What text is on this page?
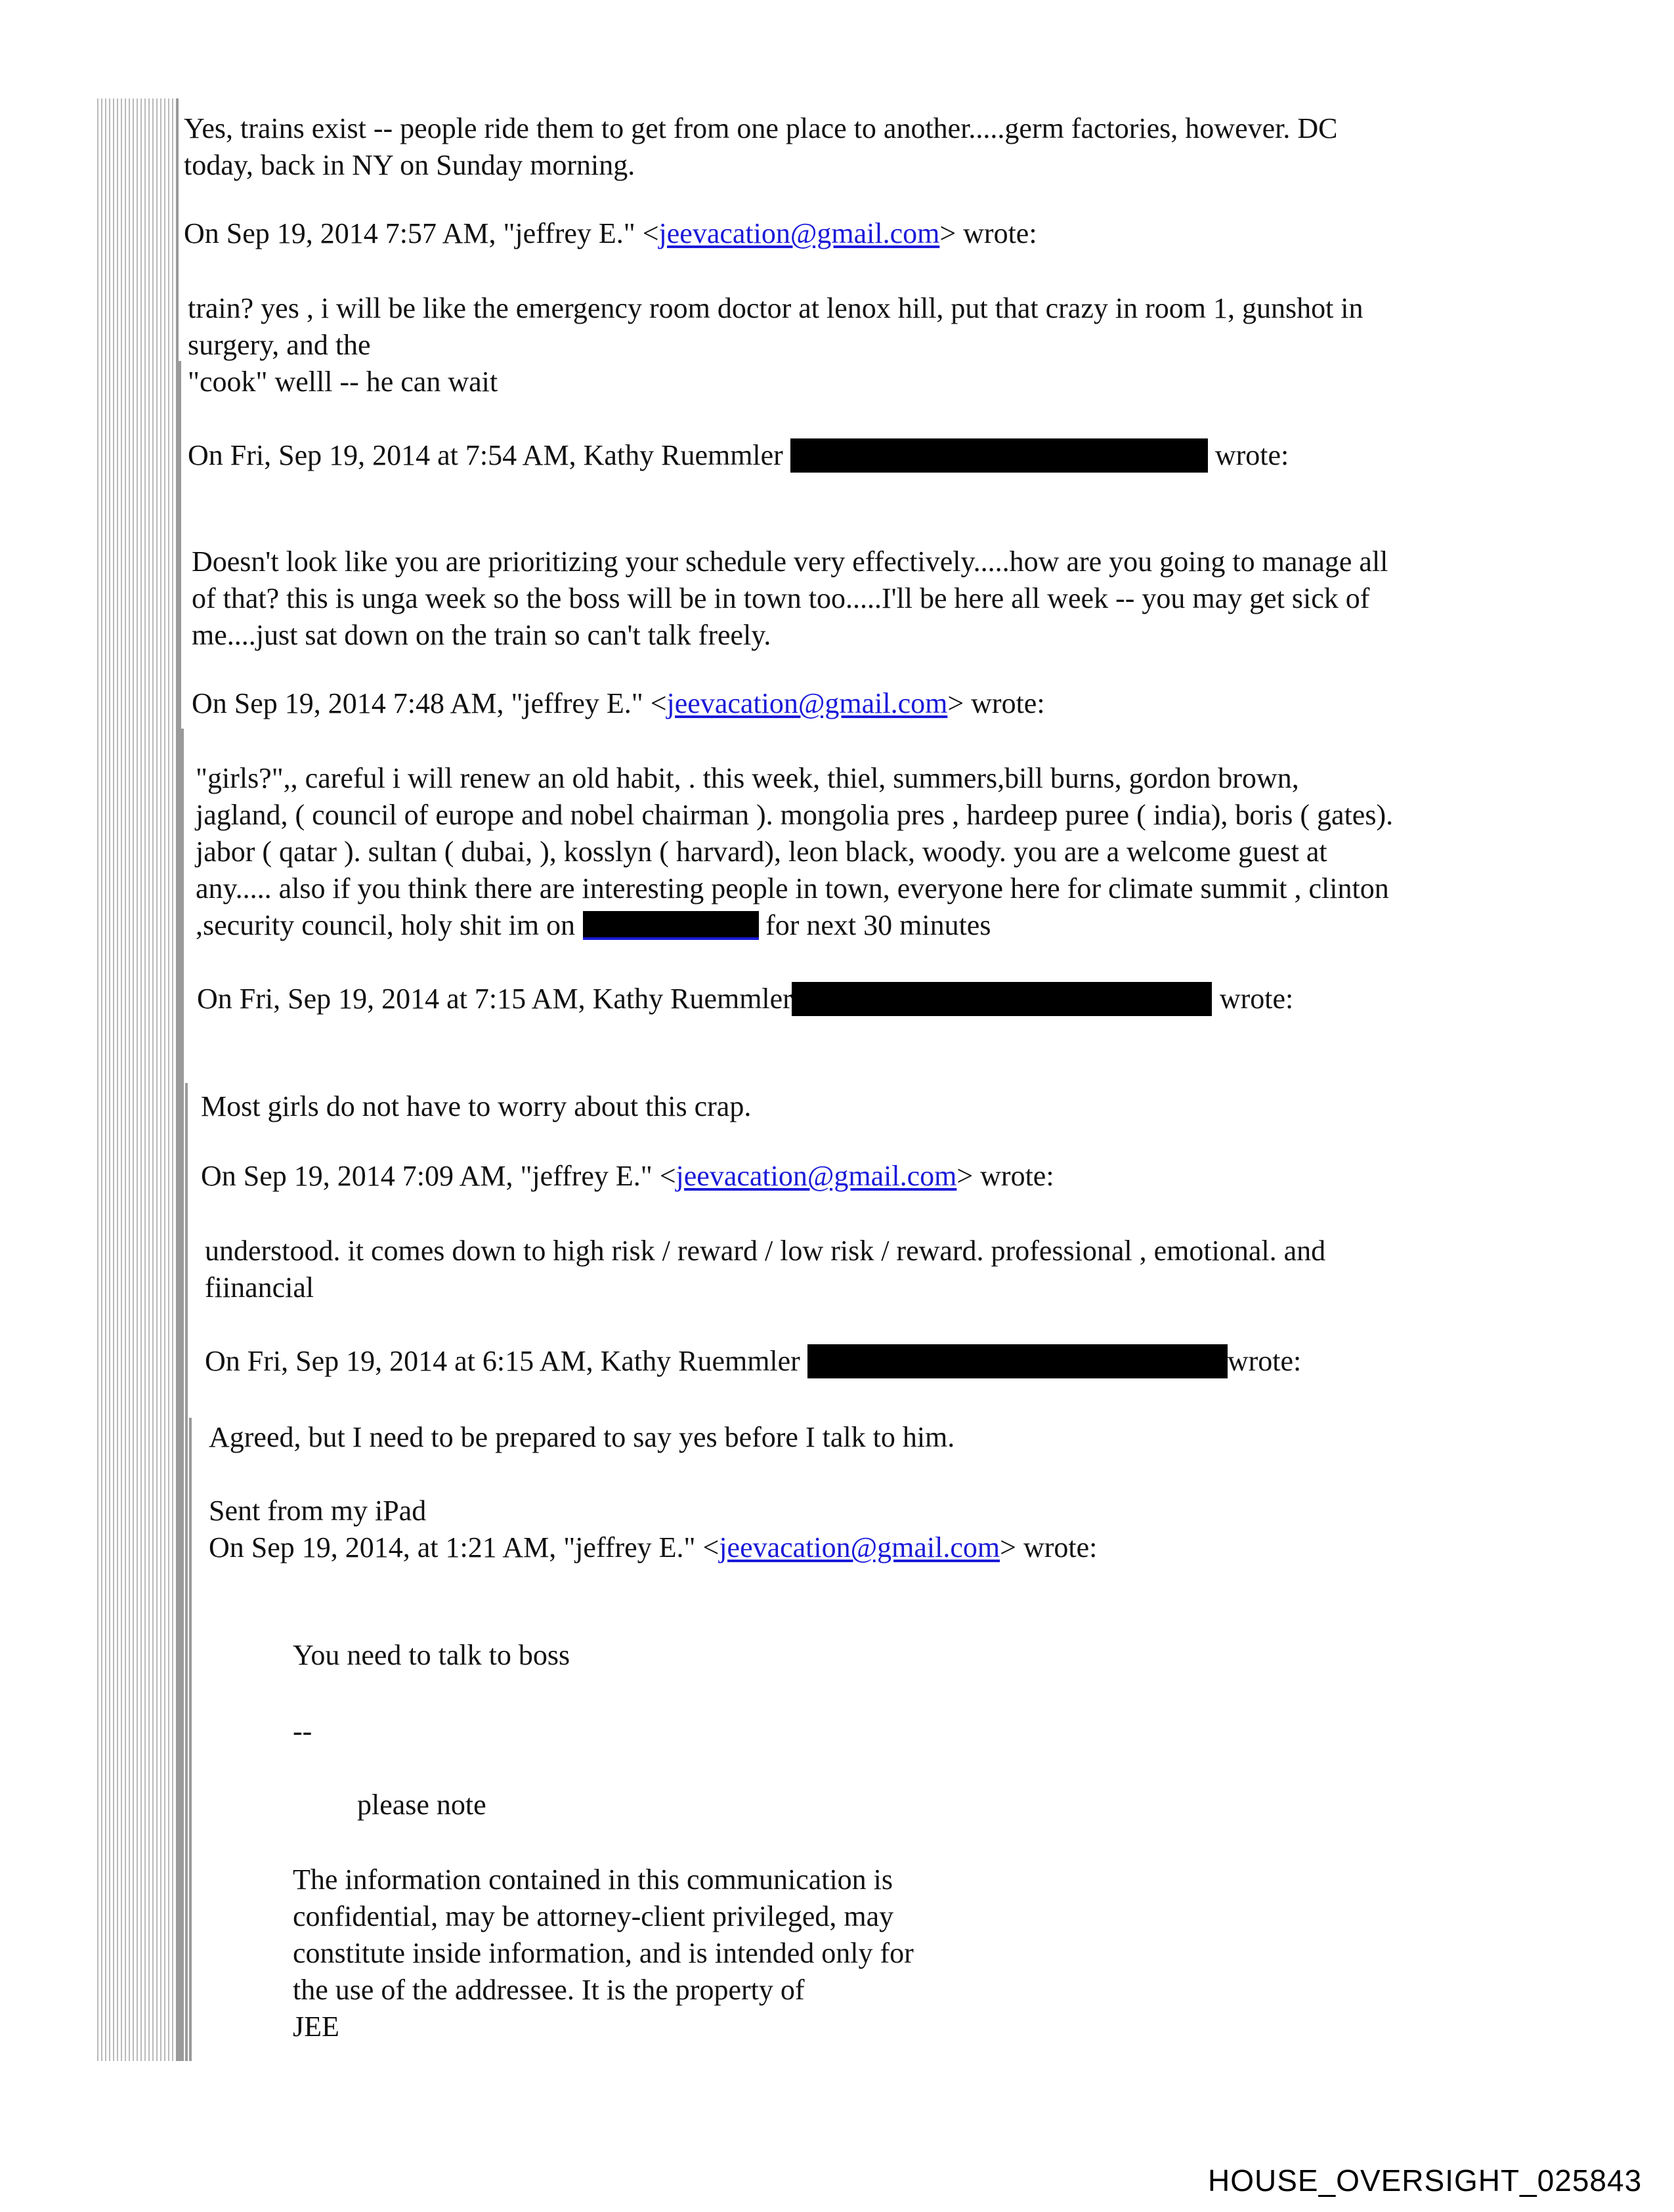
Yes, trains exist -- people ride them to get from one place to another.....germ factories, however. DC

today, back in NY on Sunday morning.

On Sep 19, 2014 7:57 AM, "jeffrey E." <jeevacation@gmail.com> wrote:

train? yes , i will be like the emergency room doctor at lenox hill, put that crazy in room 1, gunshot in

surgery, and the

"cook" welll -- he can wait

On Fri, Sep 19, 2014 at 7:54 AM, Kathy Ruemmler	wrote:

Doesn't look like you are prioritizing your schedule very effectively.....how are you going to manage all

of that? this is unga week so the boss will be in town too.....I'll be here all week -- you may get sick of

me....just sat down on the train so can't talk freely.

On Sep 19, 2014 7:48 AM, "jeffrey E." <jeevacation@gmail.com> wrote:

"girls?",, careful i will renew an old habit, . this week, thiel, summers,bill burns, gordon brown,

jagland, ( council of europe and nobel chairman ). mongolia pres , hardeep puree ( india), boris ( gates).

jabor ( qatar ). sultan ( dubai, ), kosslyn ( harvard), leon black, woody. you are a welcome guest at

any..... also if you think there are interesting people in town, everyone here for climate summit , clinton

,security council, holy shit im on	for next 30 minutes

On Fri, Sep 19, 2014 at 7:15 AM, Kathy Ruemmler	wrote:

Most girls do not have to worry about this crap.

On Sep 19, 2014 7:09 AM, "jeffrey E." <jeevacation@gmail.com> wrote:

understood. it comes down to high risk / reward / low risk / reward. professional , emotional. and

fiinancial

On Fri, Sep 19, 2014 at 6:15 AM, Kathy Ruemmler	wrote:

Agreed, but I need to be prepared to say yes before I talk to him.

Sent from my iPad

On Sep 19, 2014, at 1:21 AM, "jeffrey E." <jeevacation@gmail.com> wrote:

You need to talk to boss

--
please note

The information contained in this communication is

confidential, may be attorney-client privileged, may

constitute inside information, and is intended only for

the use of the addressee. It is the property of

JEE

HOUSE_OVERSIGHT_025843
